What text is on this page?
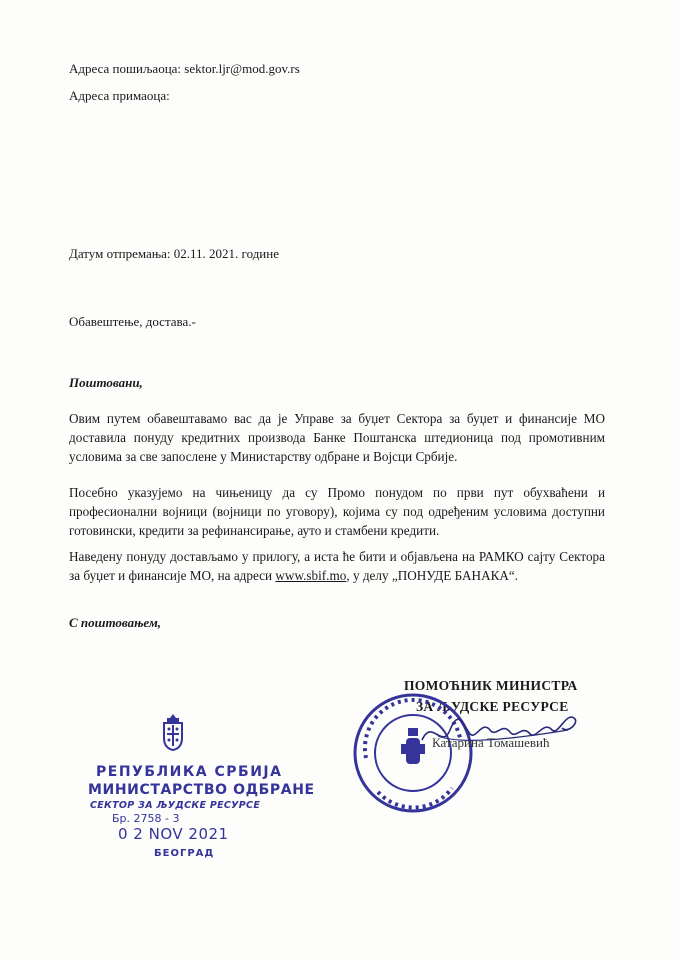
Адреса пошиљаоца: sektor.ljr@mod.gov.rs
Адреса примаоца:
Датум отпремања: 02.11. 2021. године
Обавештење, достава.-
Поштовани,

Овим путем обавештавамо вас да је Управе за буџет Сектора за буџет и финансије МО доставила понуду кредитних производа Банке Поштанска штедионица под промотивним условима за све запослене у Министарству одбране и Војсци Србије.

Посебно указујемо на чињеницу да су Промо понудом по први пут обухваћени и професионални војници (војници по уговору), којима су под одређеним условима доступни готовински, кредити за рефинансирање, ауто и стамбени кредити.

Наведену понуду достављамо у прилогу, а иста ће бити и објављена на РАМКО сајту Сектора за буџет и финансије МО, на адреси www.sbif.mo, у делу „ПОНУДЕ БАНАКА“.

С поштовањем,
РЕПУБЛИКА СРБИЈА
МИНИСТАРСТВО ОДБРАНЕ
СЕКТОР ЗА ЉУДСКЕ РЕСУРСЕ
Бр. 2758 - 3
0 2 NOV 2021
БЕОГРАД
ПОМОЋНИК МИНИСТРА
ЗА ЉУДСКЕ РЕСУРСЕ
Катарина Томашевић
